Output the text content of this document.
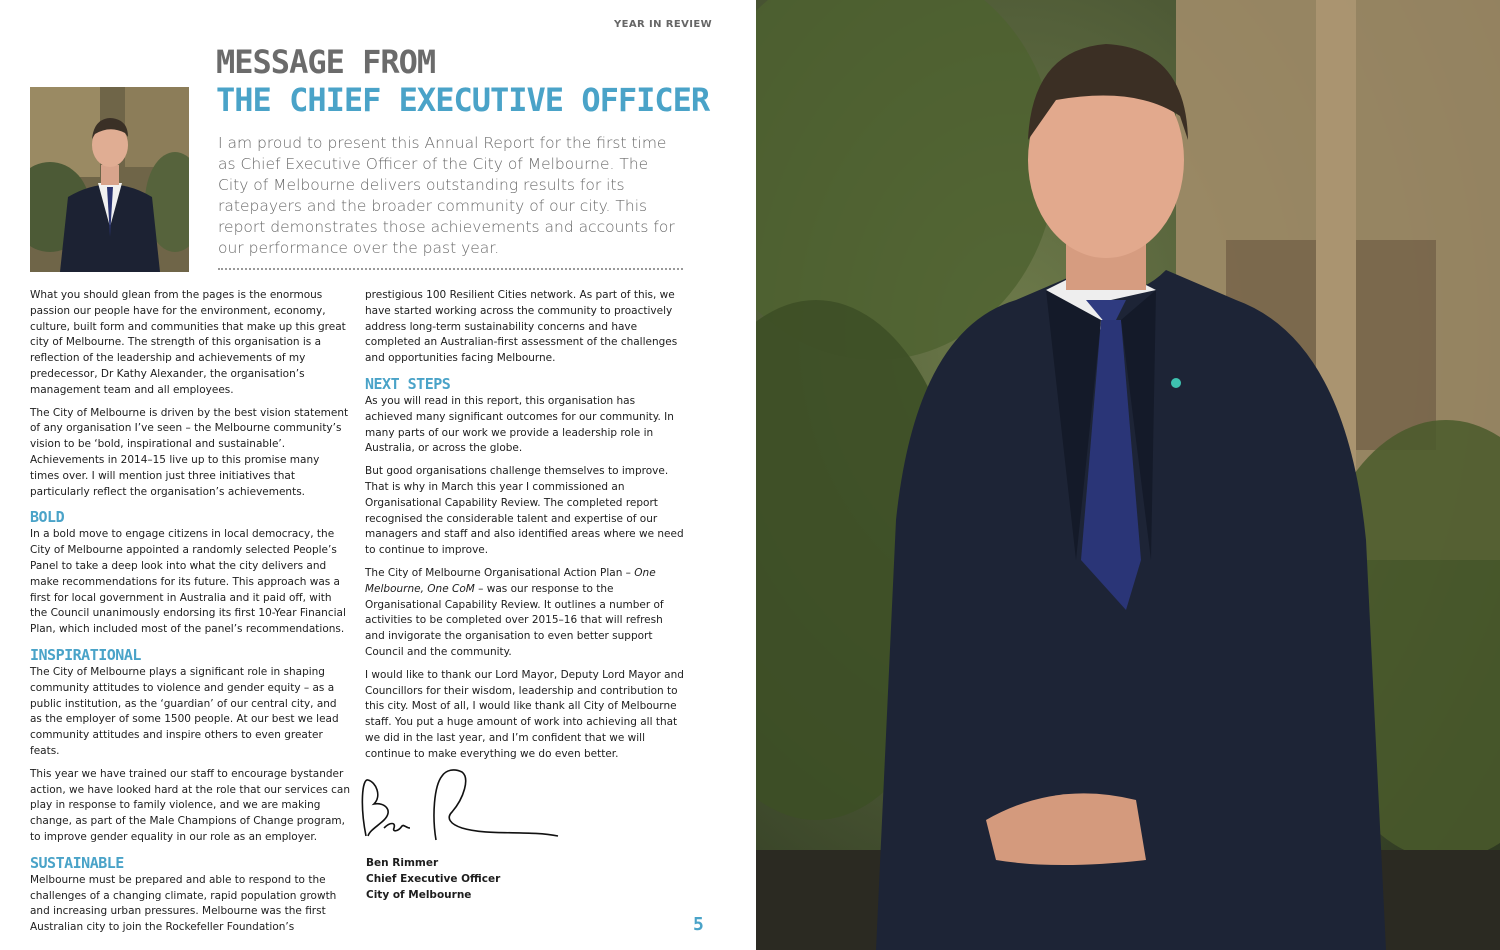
YEAR IN REVIEW
MESSAGE FROM
THE CHIEF EXECUTIVE OFFICER
I am proud to present this Annual Report for the first time as Chief Executive Officer of the City of Melbourne. The City of Melbourne delivers outstanding results for its ratepayers and the broader community of our city. This report demonstrates those achievements and accounts for our performance over the past year.

What you should glean from the pages is the enormous passion our people have for the environment, economy, culture, built form and communities that make up this great city of Melbourne. The strength of this organisation is a reflection of the leadership and achievements of my predecessor, Dr Kathy Alexander, the organisation’s management team and all employees.

The City of Melbourne is driven by the best vision statement of any organisation I’ve seen – the Melbourne community’s vision to be ‘bold, inspirational and sustainable’. Achievements in 2014–15 live up to this promise many times over. I will mention just three initiatives that particularly reflect the organisation’s achievements.

BOLD

In a bold move to engage citizens in local democracy, the City of Melbourne appointed a randomly selected People’s Panel to take a deep look into what the city delivers and make recommendations for its future. This approach was a first for local government in Australia and it paid off, with the Council unanimously endorsing its first 10-Year Financial Plan, which included most of the panel’s recommendations.

INSPIRATIONAL

The City of Melbourne plays a significant role in shaping community attitudes to violence and gender equity – as a public institution, as the ‘guardian’ of our central city, and as the employer of some 1500 people. At our best we lead community attitudes and inspire others to even greater feats.

This year we have trained our staff to encourage bystander action, we have looked hard at the role that our services can play in response to family violence, and we are making change, as part of the Male Champions of Change program, to improve gender equality in our role as an employer.

SUSTAINABLE

Melbourne must be prepared and able to respond to the challenges of a changing climate, rapid population growth and increasing urban pressures. Melbourne was the first Australian city to join the Rockefeller Foundation’s

prestigious 100 Resilient Cities network. As part of this, we have started working across the community to proactively address long-term sustainability concerns and have completed an Australian-first assessment of the challenges and opportunities facing Melbourne.

NEXT STEPS

As you will read in this report, this organisation has achieved many significant outcomes for our community. In many parts of our work we provide a leadership role in Australia, or across the globe.

But good organisations challenge themselves to improve. That is why in March this year I commissioned an Organisational Capability Review. The completed report recognised the considerable talent and expertise of our managers and staff and also identified areas where we need to continue to improve.

The City of Melbourne Organisational Action Plan – One Melbourne, One CoM – was our response to the Organisational Capability Review. It outlines a number of activities to be completed over 2015–16 that will refresh and invigorate the organisation to even better support Council and the community.

I would like to thank our Lord Mayor, Deputy Lord Mayor and Councillors for their wisdom, leadership and contribution to this city. Most of all, I would like thank all City of Melbourne staff. You put a huge amount of work into achieving all that we did in the last year, and I’m confident that we will continue to make everything we do even better.

Ben Rimmer
Chief Executive Officer
City of Melbourne
5
